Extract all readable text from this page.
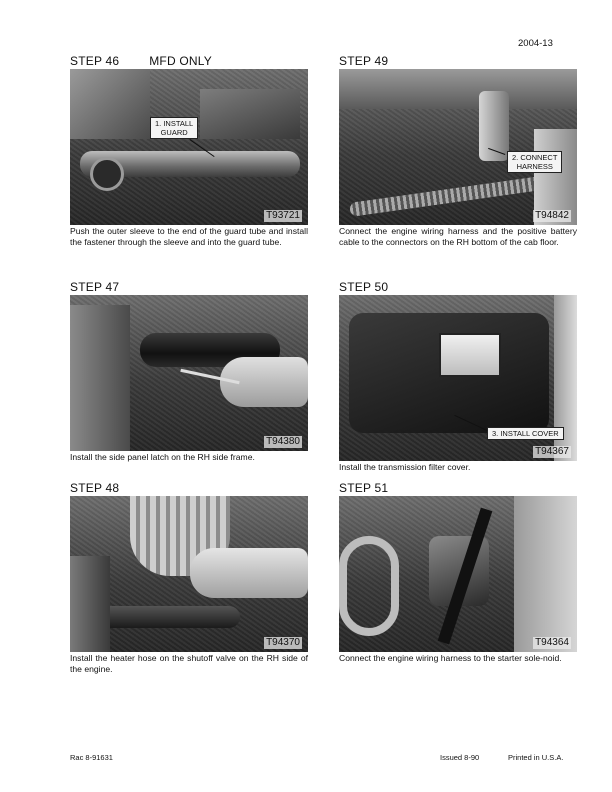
2004-13
STEP 46	MFD ONLY
1. INSTALL
GUARD
T93721
Push the outer sleeve to the end of the guard tube and install the fastener through the sleeve and into the guard tube.
STEP 47
T94380
Install the side panel latch on the RH side frame.
STEP 48
T94370
Install the heater hose on the shutoff valve on the RH side of the engine.
STEP 49
2. CONNECT
HARNESS
T94842
Connect the engine wiring harness and the positive battery cable to the connectors on the RH bottom of the cab floor.
STEP 50
3. INSTALL COVER
T94367
Install the transmission filter cover.
STEP 51
T94364
Connect the engine wiring harness to the starter sole-noid.
Rac 8-91631	Issued 8-90	Printed in U.S.A.
